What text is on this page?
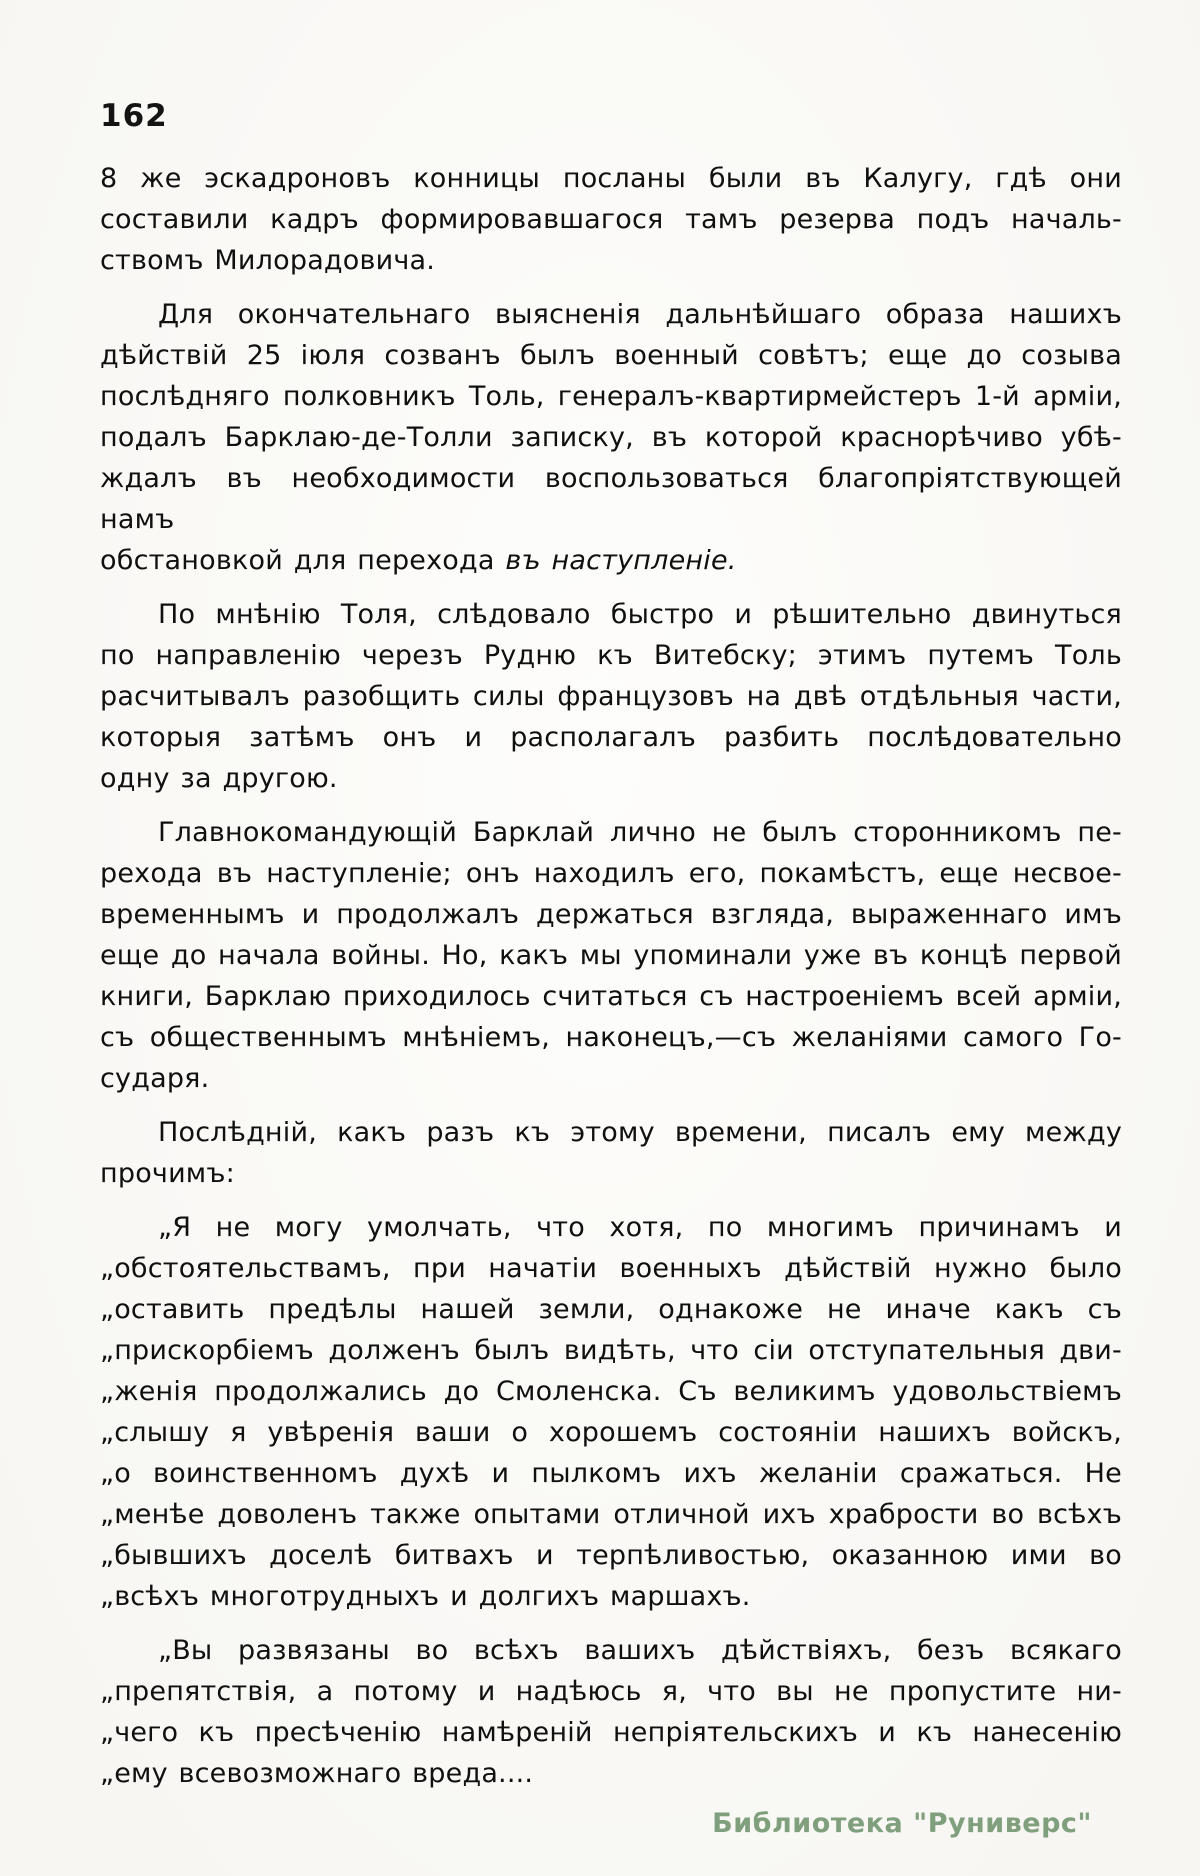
162
8 же эскадроновъ конницы посланы были въ Калугу, гдѣ они
составили кадръ формировавшагося тамъ резерва подъ началь-
ствомъ Милорадовича.
Для окончательнаго выясненія дальнѣйшаго образа нашихъ
дѣйствій 25 іюля созванъ былъ военный совѣтъ; еще до созыва
послѣдняго полковникъ Толь, генералъ-квартирмейстеръ 1-й арміи,
подалъ Барклаю-де-Толли записку, въ которой краснорѣчиво убѣ-
ждалъ въ необходимости воспользоваться благопріятствующей намъ
обстановкой для перехода въ наступленіе.
По мнѣнію Толя, слѣдовало быстро и рѣшительно двинуться
по направленію черезъ Рудню къ Витебску; этимъ путемъ Толь
расчитывалъ разобщить силы французовъ на двѣ отдѣльныя части,
которыя затѣмъ онъ и располагалъ разбить послѣдовательно
одну за другою.
Главнокомандующій Барклай лично не былъ сторонникомъ пе-
рехода въ наступленіе; онъ находилъ его, покамѣстъ, еще несвое-
временнымъ и продолжалъ держаться взгляда, выраженнаго имъ
еще до начала войны. Но, какъ мы упоминали уже въ концѣ первой
книги, Барклаю приходилось считаться съ настроеніемъ всей арміи,
съ общественнымъ мнѣніемъ, наконецъ,—съ желаніями самого Го-
сударя.
Послѣдній, какъ разъ къ этому времени, писалъ ему между
прочимъ:
„Я не могу умолчать, что хотя, по многимъ причинамъ и
„обстоятельствамъ, при начатіи военныхъ дѣйствій нужно было
„оставить предѣлы нашей земли, однакоже не иначе какъ съ
„прискорбіемъ долженъ былъ видѣть, что сіи отступательныя дви-
„женія продолжались до Смоленска. Съ великимъ удовольствіемъ
„слышу я увѣренія ваши о хорошемъ состояніи нашихъ войскъ,
„о воинственномъ духѣ и пылкомъ ихъ желаніи сражаться. Не
„менѣе доволенъ также опытами отличной ихъ храбрости во всѣхъ
„бывшихъ доселѣ битвахъ и терпѣливостью, оказанною ими во
„всѣхъ многотрудныхъ и долгихъ маршахъ.
„Вы развязаны во всѣхъ вашихъ дѣйствіяхъ, безъ всякаго
„препятствія, а потому и надѣюсь я, что вы не пропустите ни-
„чего къ пресѣченію намѣреній непріятельскихъ и къ нанесенію
„ему всевозможнаго вреда....
Библиотека "Руниверс"
